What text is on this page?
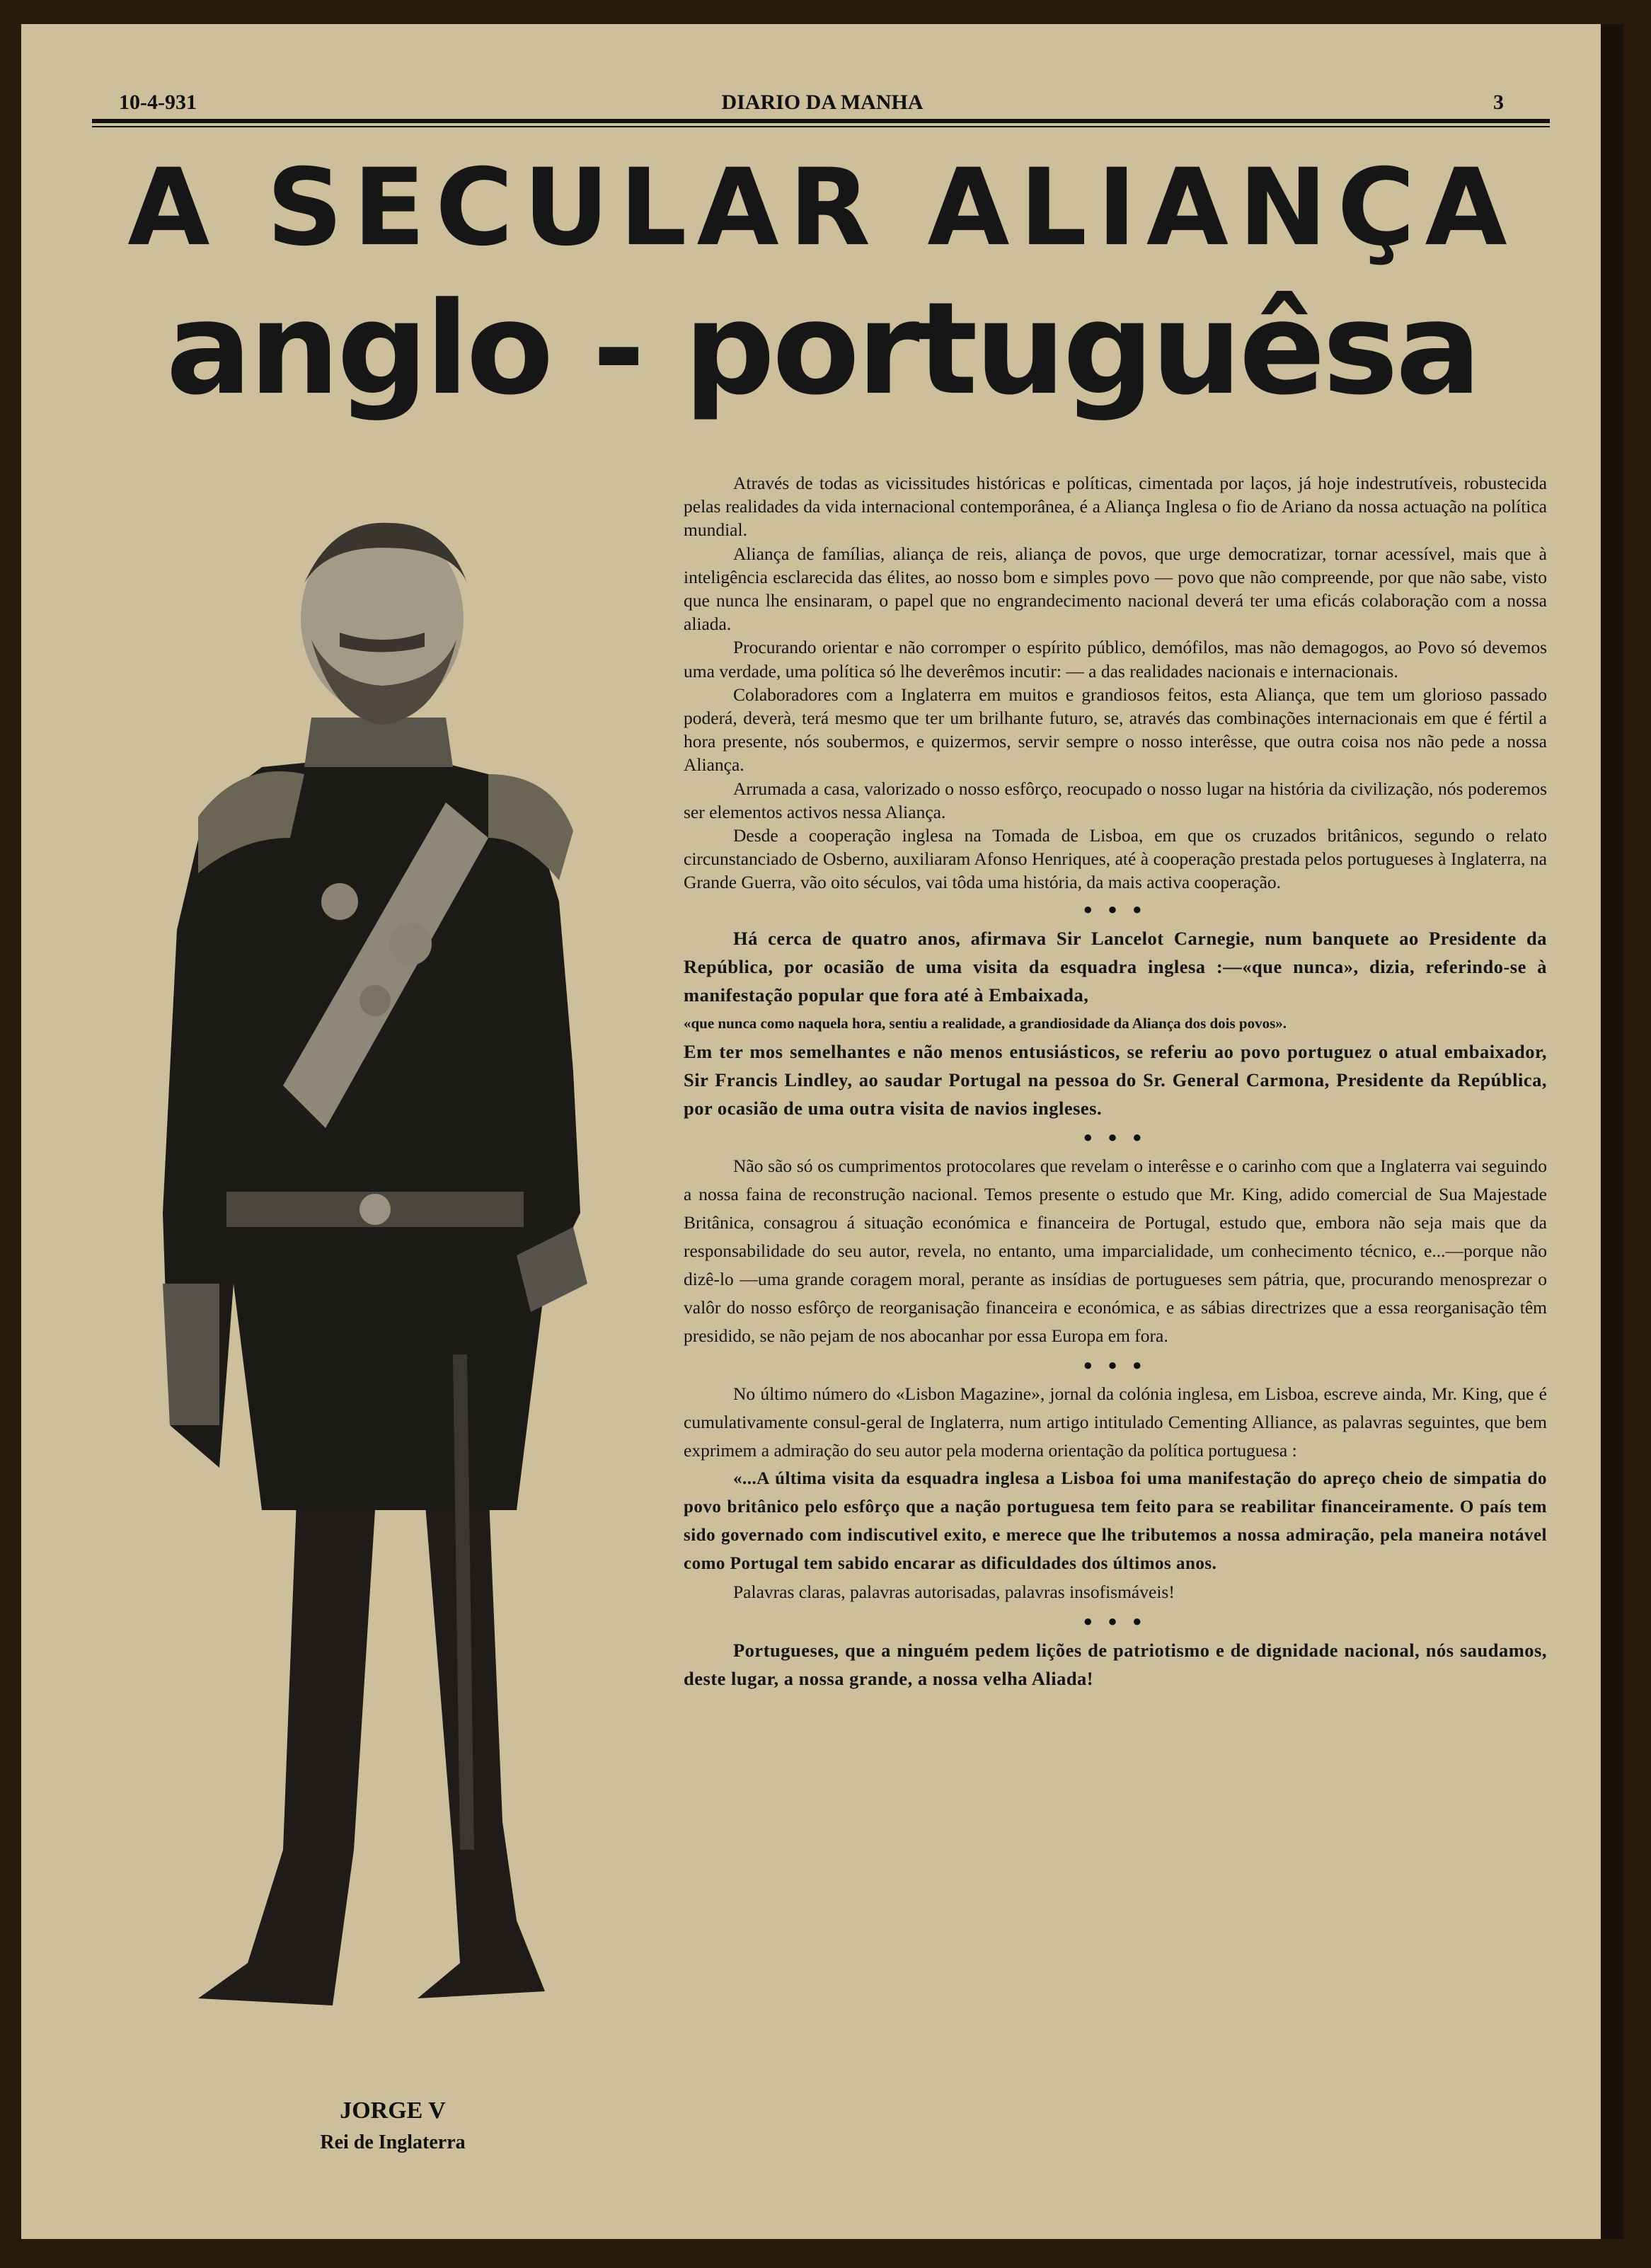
10-4-931	DIARIO DA MANHA	3
A SECULAR ALIANÇA
anglo - portuguêsa
JORGE V
Rei de Inglaterra

Através de todas as vicissitudes históricas e políticas, cimentada por laços, já hoje indestrutíveis, robustecida pelas realidades da vida internacional contemporânea, é a Aliança Inglesa o fio de Ariano da nossa actuação na política mundial.

Aliança de famílias, aliança de reis, aliança de povos, que urge democratizar, tornar acessível, mais que à inteligência esclarecida das élites, ao nosso bom e simples povo — povo que não compreende, por que não sabe, visto que nunca lhe ensinaram, o papel que no engrandecimento nacional deverá ter uma eficás colaboração com a nossa aliada.

Procurando orientar e não corromper o espírito público, demófilos, mas não demagogos, ao Povo só devemos uma verdade, uma política só lhe deverêmos incutir: — a das realidades nacionais e internacionais.

Colaboradores com a Inglaterra em muitos e grandiosos feitos, esta Aliança, que tem um glorioso passado poderá, deverà, terá mesmo que ter um brilhante futuro, se, através das combinações internacionais em que é fértil a hora presente, nós soubermos, e quizermos, servir sempre o nosso interêsse, que outra coisa nos não pede a nossa Aliança.

Arrumada a casa, valorizado o nosso esfôrço, reocupado o nosso lugar na história da civilização, nós poderemos ser elementos activos nessa Aliança.

Desde a cooperação inglesa na Tomada de Lisboa, em que os cruzados britânicos, segundo o relato circunstanciado de Osberno, auxiliaram Afonso Henriques, até à cooperação prestada pelos portugueses à Inglaterra, na Grande Guerra, vão oito séculos, vai tôda uma história, da mais activa cooperação.

● ● ●

Há cerca de quatro anos, afirmava Sir Lancelot Carnegie, num banquete ao Presidente da República, por ocasião de uma visita da esquadra inglesa :—«que nunca», dizia, referindo-se à manifestação popular que fora até à Embaixada,

«que nunca como naquela hora, sentiu a realidade, a grandiosidade da Aliança dos dois povos».

Em ter mos semelhantes e não menos entusiásticos, se referiu ao povo portuguez o atual embaixador, Sir Francis Lindley, ao saudar Portugal na pessoa do Sr. General Carmona, Presidente da República, por ocasião de uma outra visita de navios ingleses.

● ● ●

Não são só os cumprimentos protocolares que revelam o interêsse e o carinho com que a Inglaterra vai seguindo a nossa faina de reconstrução nacional. Temos presente o estudo que Mr. King, adido comercial de Sua Majestade Britânica, consagrou á situação económica e financeira de Portugal, estudo que, embora não seja mais que da responsabilidade do seu autor, revela, no entanto, uma imparcialidade, um conhecimento técnico, e...—porque não dizê-lo —uma grande coragem moral, perante as insídias de portugueses sem pátria, que, procurando menosprezar o valôr do nosso esfôrço de reorganisação financeira e económica, e as sábias directrizes que a essa reorganisação têm presidido, se não pejam de nos abocanhar por essa Europa em fora.

● ● ●

No último número do «Lisbon Magazine», jornal da colónia inglesa, em Lisboa, escreve ainda, Mr. King, que é cumulativamente consul-geral de Inglaterra, num artigo intitulado Cementing Alliance, as palavras seguintes, que bem exprimem a admiração do seu autor pela moderna orientação da política portuguesa :

«...A última visita da esquadra inglesa a Lisboa foi uma manifestação do apreço cheio de simpatia do povo britânico pelo esfôrço que a nação portuguesa tem feito para se reabilitar financeiramente. O país tem sido governado com indiscutivel exito, e merece que lhe tributemos a nossa admiração, pela maneira notável como Portugal tem sabido encarar as dificuldades dos últimos anos.

Palavras claras, palavras autorisadas, palavras insofismáveis!

● ● ●

Portugueses, que a ninguém pedem lições de patriotismo e de dignidade nacional, nós saudamos, deste lugar, a nossa grande, a nossa velha Aliada!
